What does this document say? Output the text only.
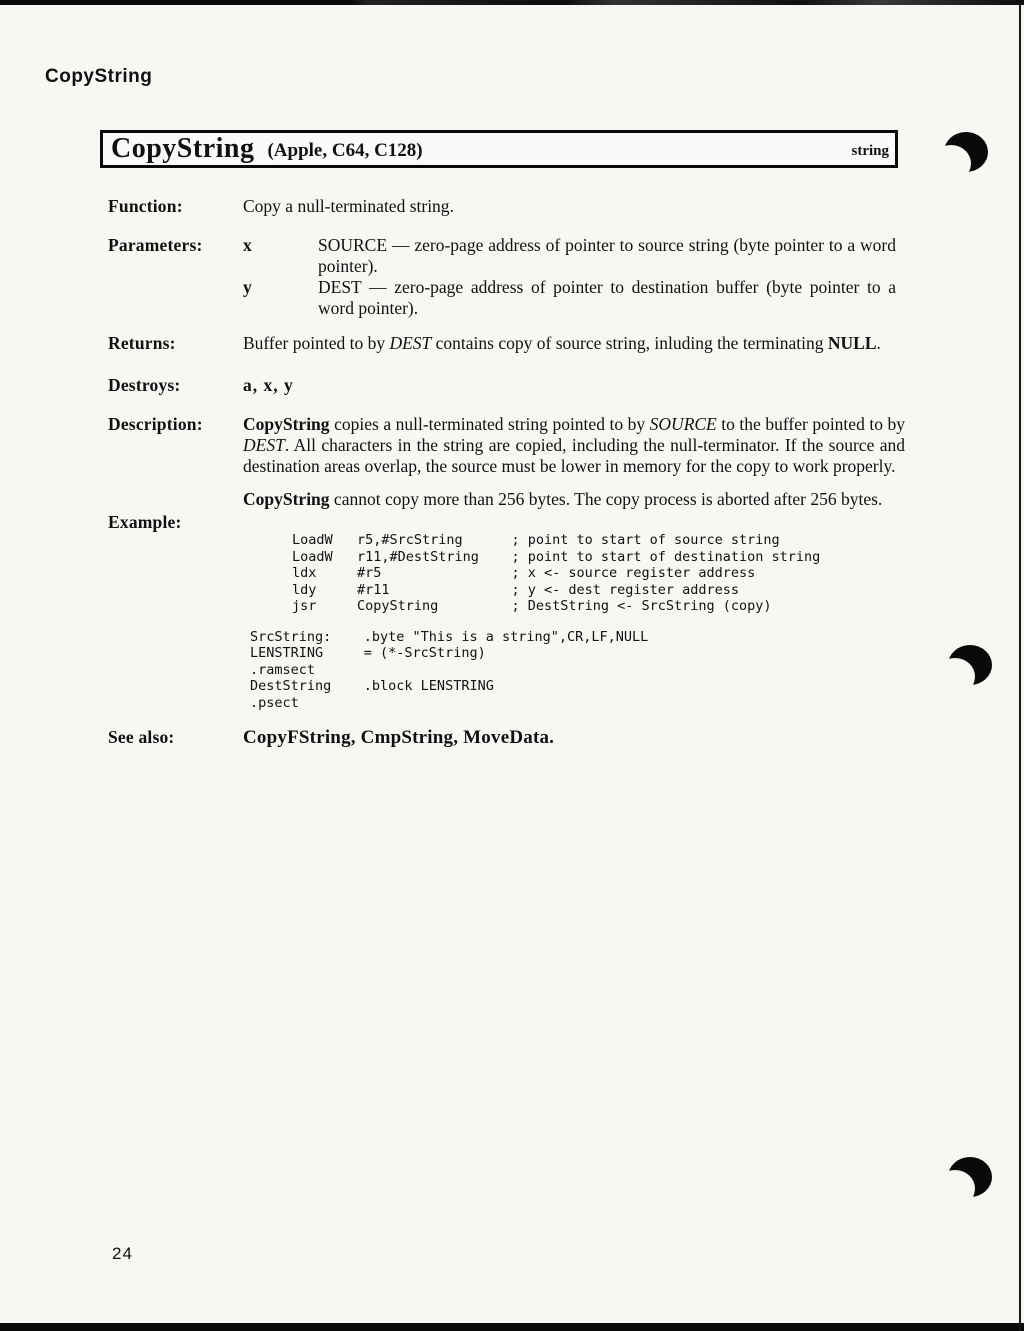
CopyString
CopyString (Apple, C64, C128)	string
Function:	Copy a null-terminated string.
Parameters:	x	SOURCE — zero-page address of pointer to source string (byte pointer to a word pointer).
y	DEST — zero-page address of pointer to destination buffer (byte pointer to a word pointer).
Returns:	Buffer pointed to by DEST contains copy of source string, inluding the terminating NULL.
Destroys:	a, x, y
Description:	CopyString copies a null-terminated string pointed to by SOURCE to the buffer pointed to by DEST. All characters in the string are copied, including the null-terminator. If the source and destination areas overlap, the source must be lower in memory for the copy to work properly.

CopyString cannot copy more than 256 bytes. The copy process is aborted after 256 bytes.

Example:
LoadW   r5,#SrcString      ; point to start of source string
LoadW   r11,#DestString    ; point to start of destination string
ldx     #r5                ; x <- source register address
ldy     #r11               ; y <- dest register address
jsr     CopyString         ; DestString <- SrcString (copy)
SrcString:    .byte "This is a string",CR,LF,NULL
LENSTRING     = (*-SrcString)
.ramsect
DestString    .block LENSTRING
.psect
See also:	CopyFString, CmpString, MoveData.
24
